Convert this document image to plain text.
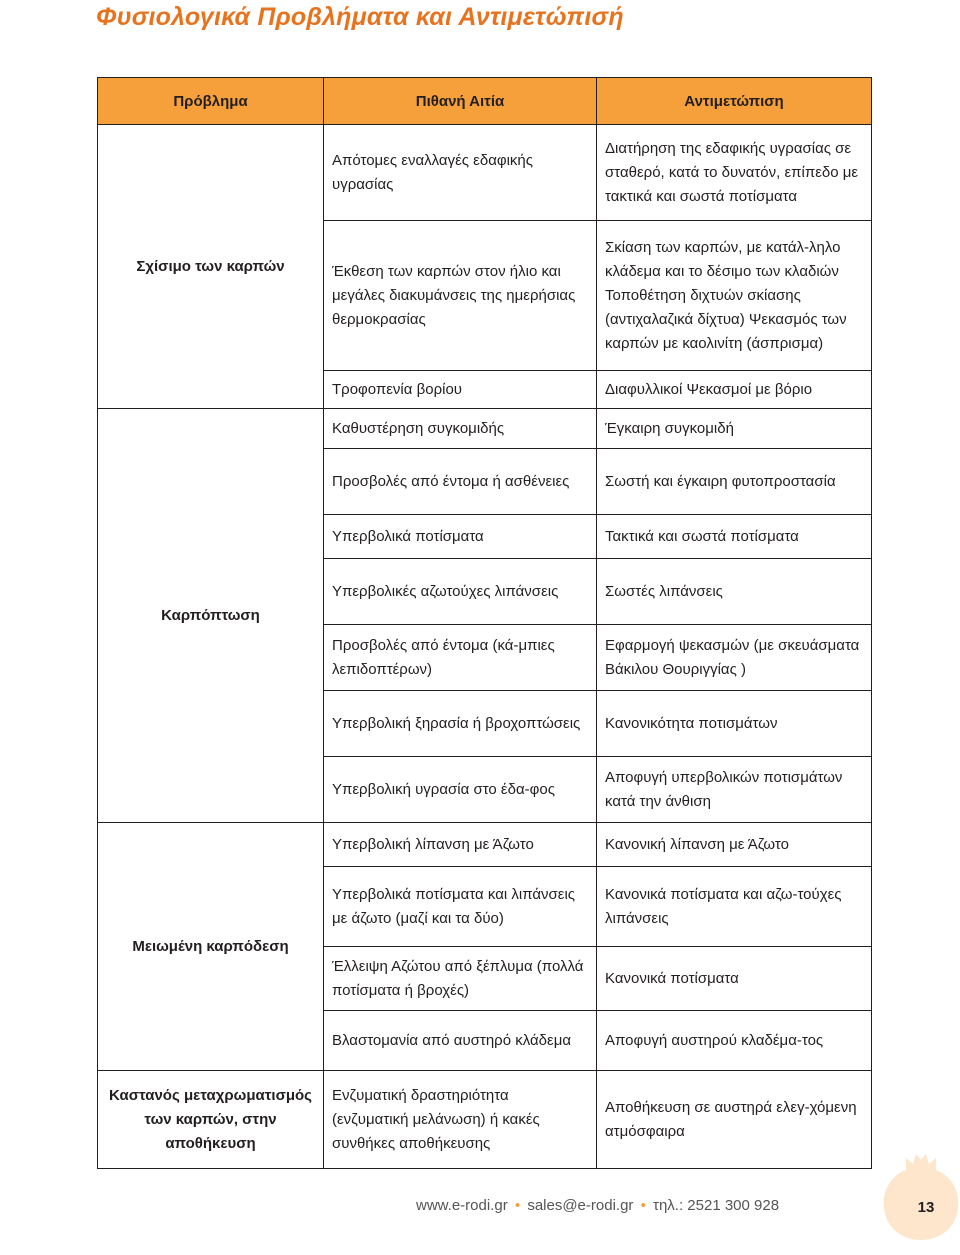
Φυσιολογικά Προβλήματα και Αντιμετώπισή
Πρόβλημα	Πιθανή Αιτία	Αντιμετώπιση
Σχίσιμο των καρπών	Απότομες εναλλαγές εδαφικής υγρασίας	Διατήρηση της εδαφικής υγρασίας σε σταθερό, κατά το δυνατόν, επίπεδο με τακτικά και σωστά ποτίσματα
	Έκθεση των καρπών στον ήλιο και μεγάλες διακυμάνσεις της ημερήσιας θερμοκρασίας	Σκίαση των καρπών, με κατάλ-ληλο κλάδεμα και το δέσιμο των κλαδιών Τοποθέτηση διχτυών σκίασης (αντιχαλαζικά δίχτυα) Ψεκασμός των καρπών με καολινίτη (άσπρισμα)
	Τροφοπενία βορίου	Διαφυλλικοί Ψεκασμοί με βόριο
Καρπόπτωση	Καθυστέρηση συγκομιδής	Έγκαιρη συγκομιδή
	Προσβολές από έντομα ή ασθένειες	Σωστή και έγκαιρη φυτοπροστασία
	Υπερβολικά ποτίσματα	Τακτικά και σωστά ποτίσματα
	Υπερβολικές αζωτούχες λιπάνσεις	Σωστές λιπάνσεις
	Προσβολές από έντομα (κά-μπιες λεπιδοπτέρων)	Εφαρμογή ψεκασμών (με σκευάσματα Βάκιλου Θουριγγίας )
	Υπερβολική ξηρασία ή βροχοπτώσεις	Κανονικότητα ποτισμάτων
	Υπερβολική υγρασία στο έδα-φος	Αποφυγή υπερβολικών ποτισμάτων κατά την άνθιση
Μειωμένη καρπόδεση	Υπερβολική λίπανση με Άζωτο	Κανονική λίπανση με Άζωτο
	Υπερβολικά ποτίσματα και λιπάνσεις με άζωτο (μαζί και τα δύο)	Κανονικά ποτίσματα και αζω-τούχες λιπάνσεις
	Έλλειψη Αζώτου από ξέπλυμα (πολλά ποτίσματα ή βροχές)	Κανονικά ποτίσματα
	Βλαστομανία από αυστηρό κλάδεμα	Αποφυγή αυστηρού κλαδέμα-τος
Καστανός μεταχρωματισμός των καρπών, στην αποθήκευση	Ενζυματική δραστηριότητα (ενζυματική μελάνωση) ή κακές συνθήκες αποθήκευσης	Αποθήκευση σε αυστηρά ελεγ-χόμενη ατμόσφαιρα
www.e-rodi.gr • sales@e-rodi.gr • τηλ.: 2521 300 928	13
